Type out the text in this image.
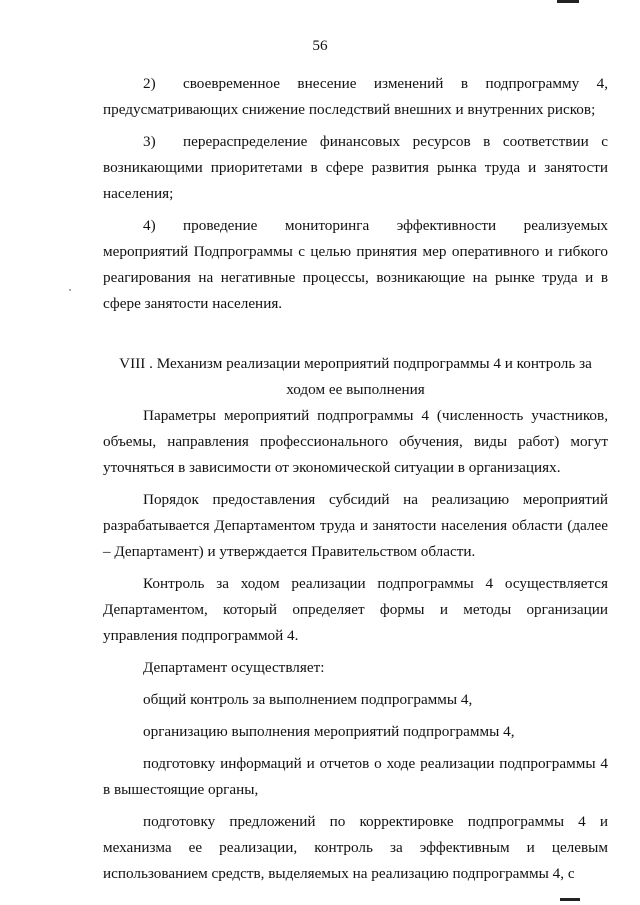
56

2) своевременное внесение изменений в подпрограмму 4, предусматривающих снижение последствий внешних и внутренних рисков;

3) перераспределение финансовых ресурсов в соответствии с возникающими приоритетами в сфере развития рынка труда и занятости населения;

4) проведение мониторинга эффективности реализуемых мероприятий Подпрограммы с целью принятия мер оперативного и гибкого реагирования на негативные процессы, возникающие на рынке труда и в сфере занятости населения.

VIII . Механизм реализации мероприятий подпрограммы 4 и контроль за ходом ее выполнения

Параметры мероприятий подпрограммы 4 (численность участников, объемы, направления профессионального обучения, виды работ) могут уточняться в зависимости от экономической ситуации в организациях.

Порядок предоставления субсидий на реализацию мероприятий разрабатывается Департаментом труда и занятости населения области (далее – Департамент) и утверждается Правительством области.

Контроль за ходом реализации подпрограммы 4 осуществляется Департаментом, который определяет формы и методы организации управления подпрограммой 4.

Департамент осуществляет:

общий контроль за выполнением подпрограммы 4,

организацию выполнения мероприятий подпрограммы 4,

подготовку информаций и отчетов о ходе реализации подпрограммы 4 в вышестоящие органы,

подготовку предложений по корректировке подпрограммы 4 и механизма ее реализации, контроль за эффективным и целевым использованием средств, выделяемых на реализацию подпрограммы 4, с
